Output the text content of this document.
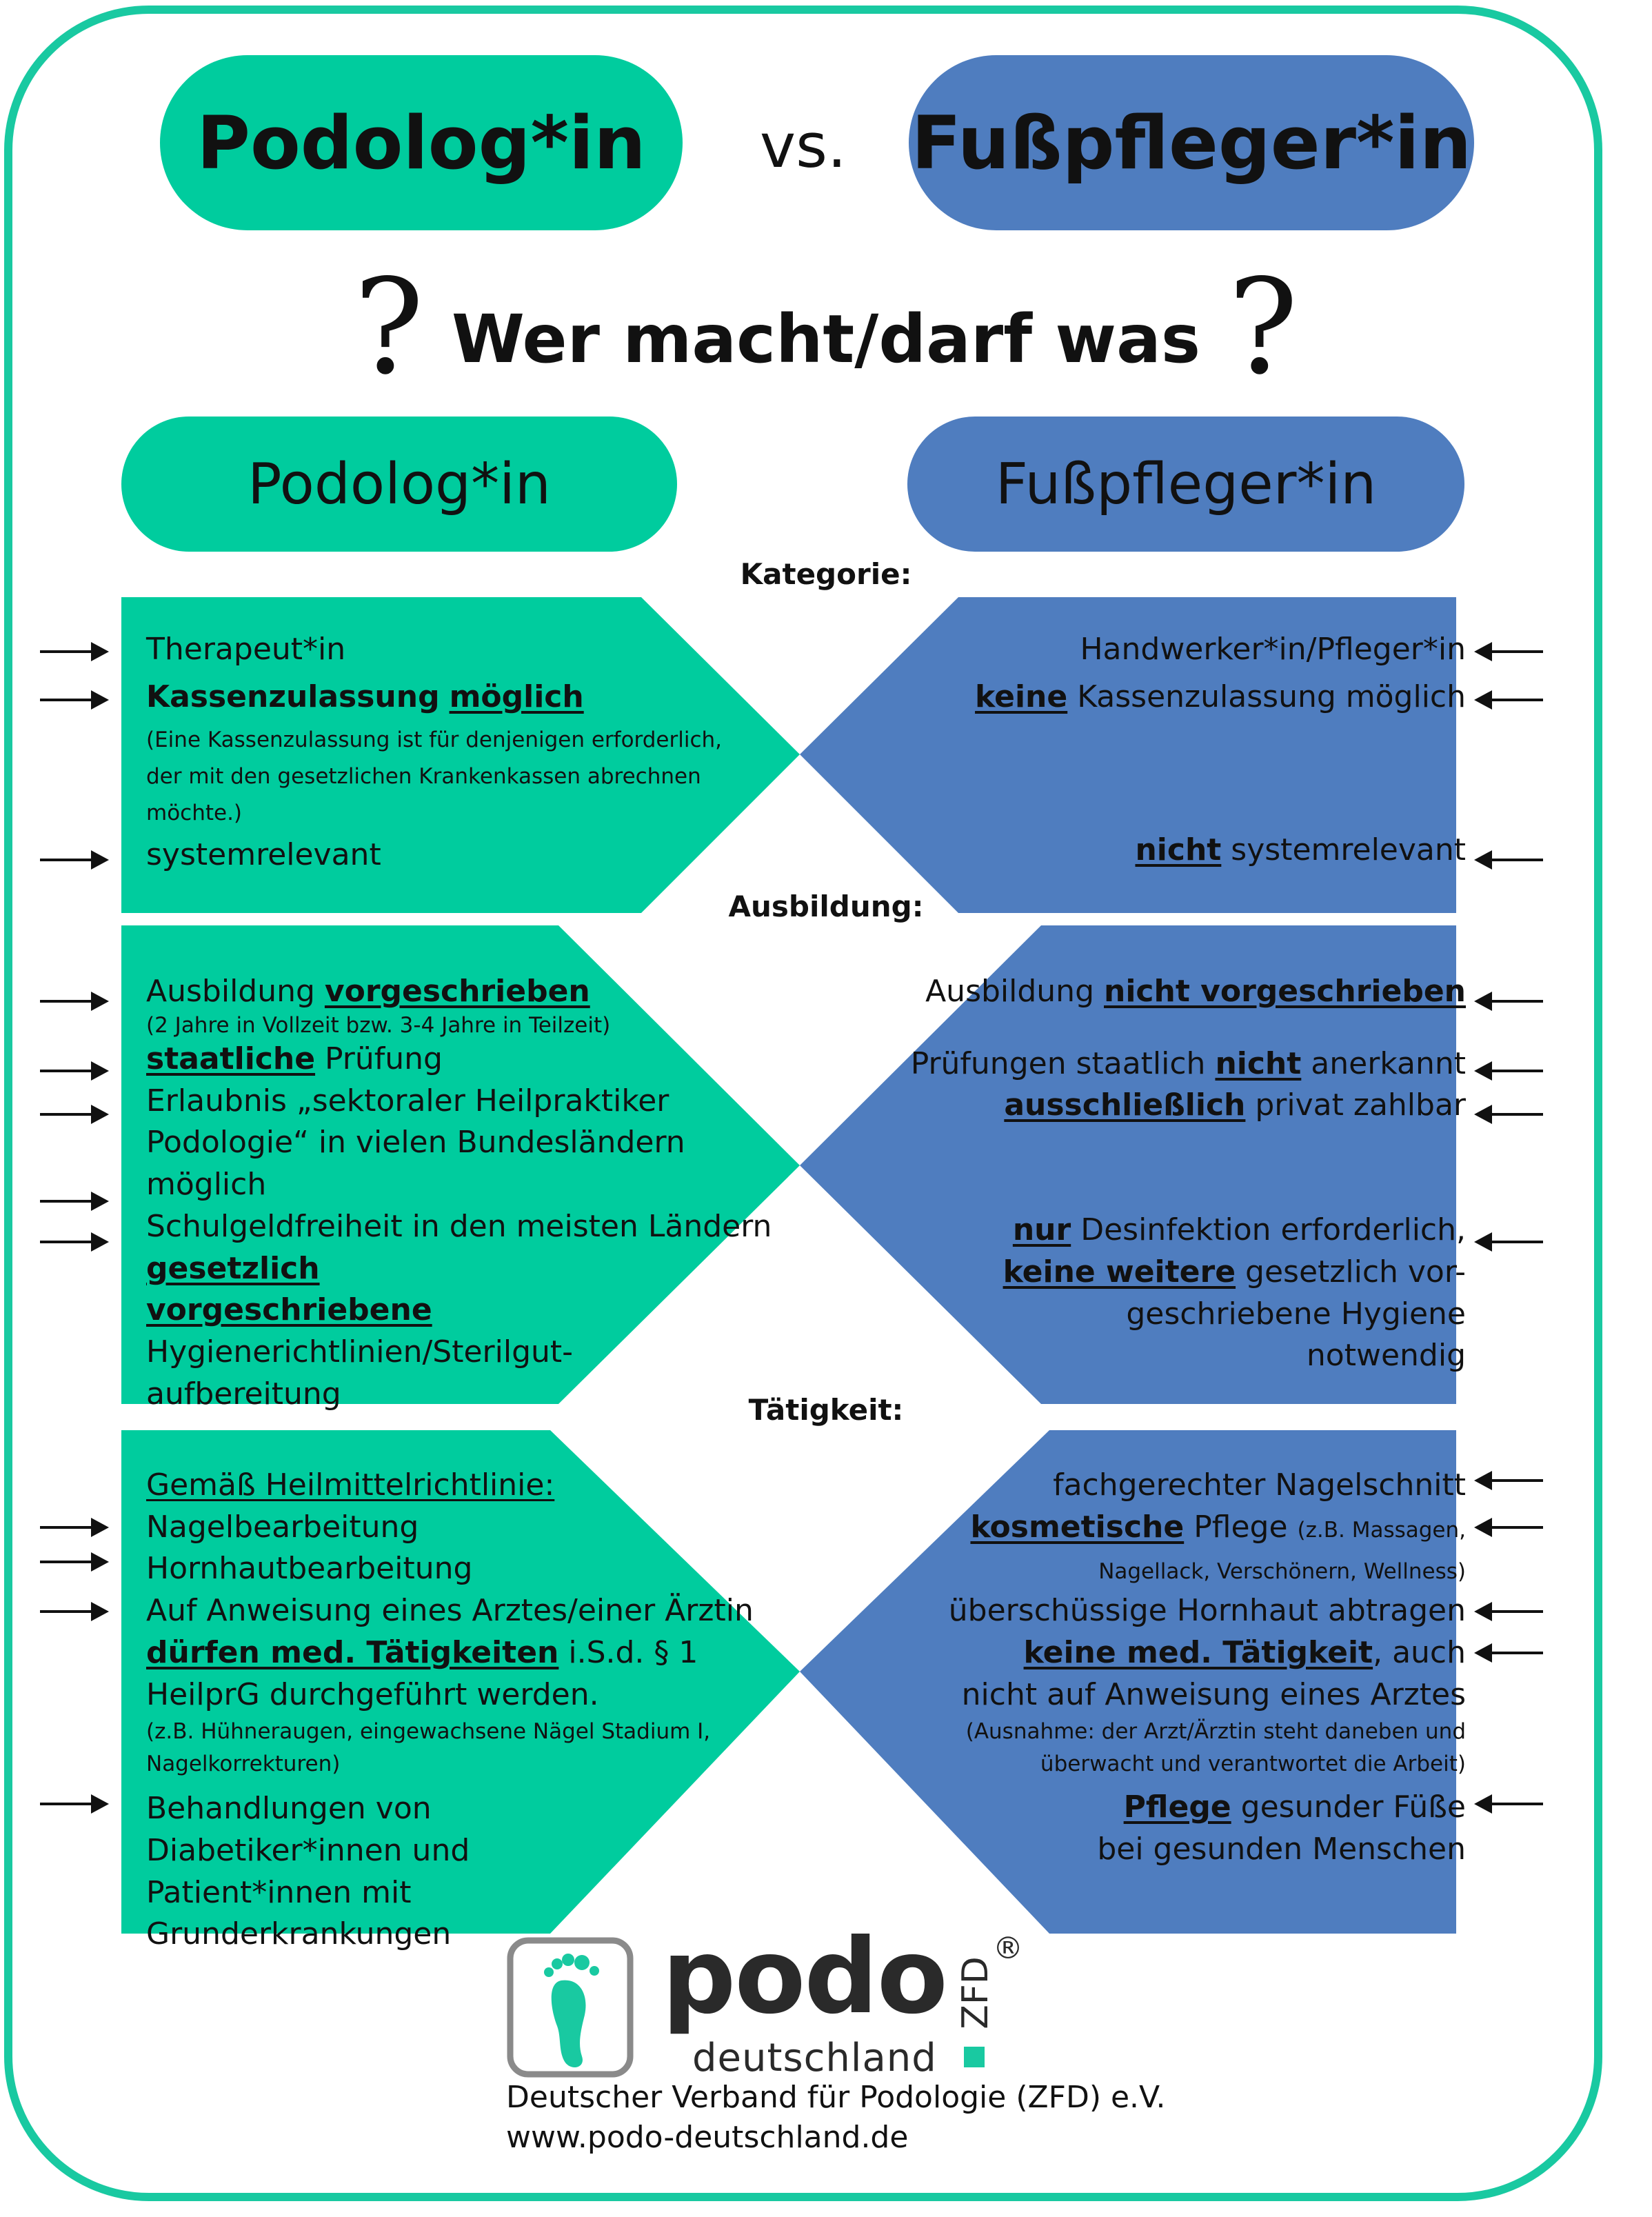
Podolog*in vs. Fußpfleger*in
? Wer macht/darf was ?
Podolog*in	Fußpfleger*in
Kategorie:
Ausbildung:
Tätigkeit:
Therapeut*in
Kassenzulassung möglich
(Eine Kassenzulassung ist für denjenigen erforderlich, der mit den gesetzlichen Krankenkassen abrechnen möchte.)
systemrelevant
Handwerker*in/Pfleger*in
keine Kassenzulassung möglich
nicht systemrelevant
Ausbildung vorgeschrieben
(2 Jahre in Vollzeit bzw. 3-4 Jahre in Teilzeit)
staatliche Prüfung
Erlaubnis „sektoraler Heilpraktiker Podologie“ in vielen Bundesländern möglich
Schulgeldfreiheit in den meisten Ländern
gesetzlich vorgeschriebene
Hygienerichtlinien/Sterilgut-aufbereitung
Ausbildung nicht vorgeschrieben
Prüfungen staatlich nicht anerkannt
ausschließlich privat zahlbar
nur Desinfektion erforderlich,
keine weitere gesetzlich vor-geschriebene Hygiene notwendig
Gemäß Heilmittelrichtlinie:
Nagelbearbeitung
Hornhautbearbeitung
Auf Anweisung eines Arztes/einer Ärztin
dürfen med. Tätigkeiten i.S.d. § 1 HeilprG durchgeführt werden.
(z.B. Hühneraugen, eingewachsene Nägel Stadium I, Nagelkorrekturen)
Behandlungen von Diabetiker*innen und Patient*innen mit Grunderkrankungen
fachgerechter Nagelschnitt
kosmetische Pflege (z.B. Massagen, Nagellack, Verschönern, Wellness)
überschüssige Hornhaut abtragen
keine med. Tätigkeit, auch nicht auf Anweisung eines Arztes
(Ausnahme: der Arzt/Ärztin steht daneben und überwacht und verantwortet die Arbeit)
Pflege gesunder Füße bei gesunden Menschen
podo
deutschland
ZFD
®
Deutscher Verband für Podologie (ZFD) e.V.
www.podo-deutschland.de
